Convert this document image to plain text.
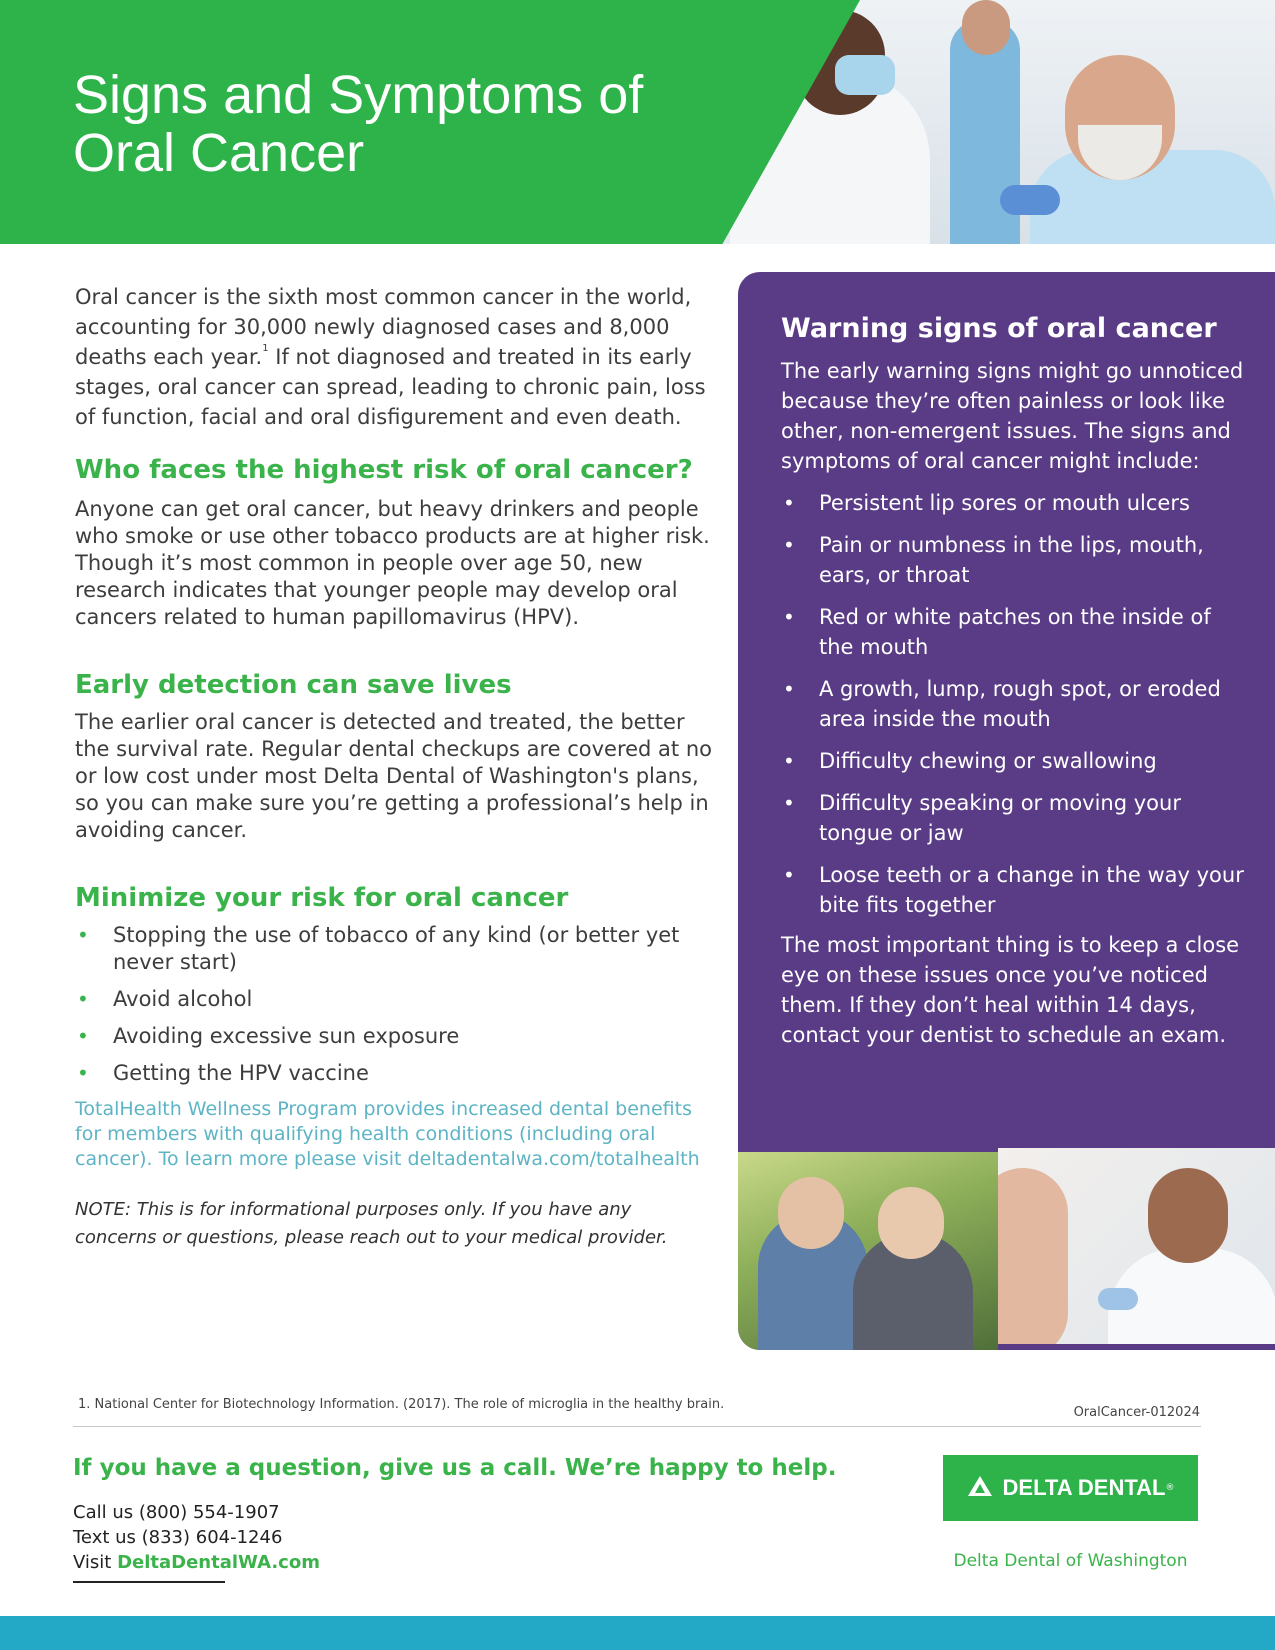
Signs and Symptoms of Oral Cancer

Oral cancer is the sixth most common cancer in the world, accounting for 30,000 newly diagnosed cases and 8,000 deaths each year.$^1$ If not diagnosed and treated in its early stages, oral cancer can spread, leading to chronic pain, loss of function, facial and oral disfigurement and even death.

Who faces the highest risk of oral cancer?

Anyone can get oral cancer, but heavy drinkers and people who smoke or use other tobacco products are at higher risk. Though it’s most common in people over age 50, new research indicates that younger people may develop oral cancers related to human papillomavirus (HPV).

Early detection can save lives

The earlier oral cancer is detected and treated, the better the survival rate. Regular dental checkups are covered at no or low cost under most Delta Dental of Washington's plans, so you can make sure you’re getting a professional’s help in avoiding cancer.

Minimize your risk for oral cancer
• Stopping the use of tobacco of any kind (or better yet never start)
• Avoid alcohol
• Avoiding excessive sun exposure
• Getting the HPV vaccine

TotalHealth Wellness Program provides increased dental benefits for members with qualifying health conditions (including oral cancer). To learn more please visit deltadentalwa.com/totalhealth

NOTE: This is for informational purposes only. If you have any concerns or questions, please reach out to your medical provider.

Warning signs of oral cancer

The early warning signs might go unnoticed because they’re often painless or look like other, non-emergent issues. The signs and symptoms of oral cancer might include:

• Persistent lip sores or mouth ulcers
• Pain or numbness in the lips, mouth, ears, or throat
• Red or white patches on the inside of the mouth
• A growth, lump, rough spot, or eroded area inside the mouth
• Difficulty chewing or swallowing
• Difficulty speaking or moving your tongue or jaw
• Loose teeth or a change in the way your bite fits together

The most important thing is to keep a close eye on these issues once you’ve noticed them. If they don’t heal within 14 days, contact your dentist to schedule an exam.

1. National Center for Biotechnology Information. (2017). The role of microglia in the healthy brain.
OralCancer-012024
If you have a question, give us a call. We’re happy to help.
Call us (800) 554-1907
Text us (833) 604-1246
Visit DeltaDentalWA.com
DELTA DENTAL ®
Delta Dental of Washington
